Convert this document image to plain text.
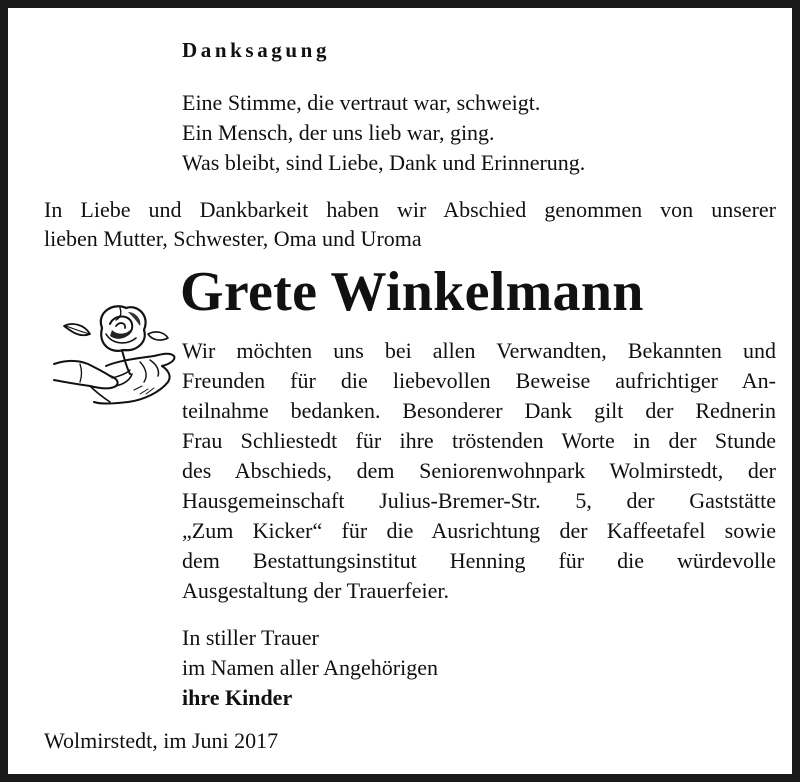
Danksagung
Eine Stimme, die vertraut war, schweigt.
Ein Mensch, der uns lieb war, ging.
Was bleibt, sind Liebe, Dank und Erinnerung.
In Liebe und Dankbarkeit haben wir Abschied genommen von unserer
lieben Mutter, Schwester, Oma und Uroma
Grete Winkelmann
Wir möchten uns bei allen Verwandten, Bekannten und
Freunden für die liebevollen Beweise aufrichtiger An-
teilnahme bedanken. Besonderer Dank gilt der Rednerin
Frau Schliestedt für ihre tröstenden Worte in der Stunde
des Abschieds, dem Seniorenwohnpark Wolmirstedt, der
Hausgemeinschaft Julius-Bremer-Str. 5, der Gaststätte
„Zum Kicker“ für die Ausrichtung der Kaffeetafel sowie
dem Bestattungsinstitut Henning für die würdevolle
Ausgestaltung der Trauerfeier.
In stiller Trauer
im Namen aller Angehörigen
ihre Kinder
Wolmirstedt, im Juni 2017
